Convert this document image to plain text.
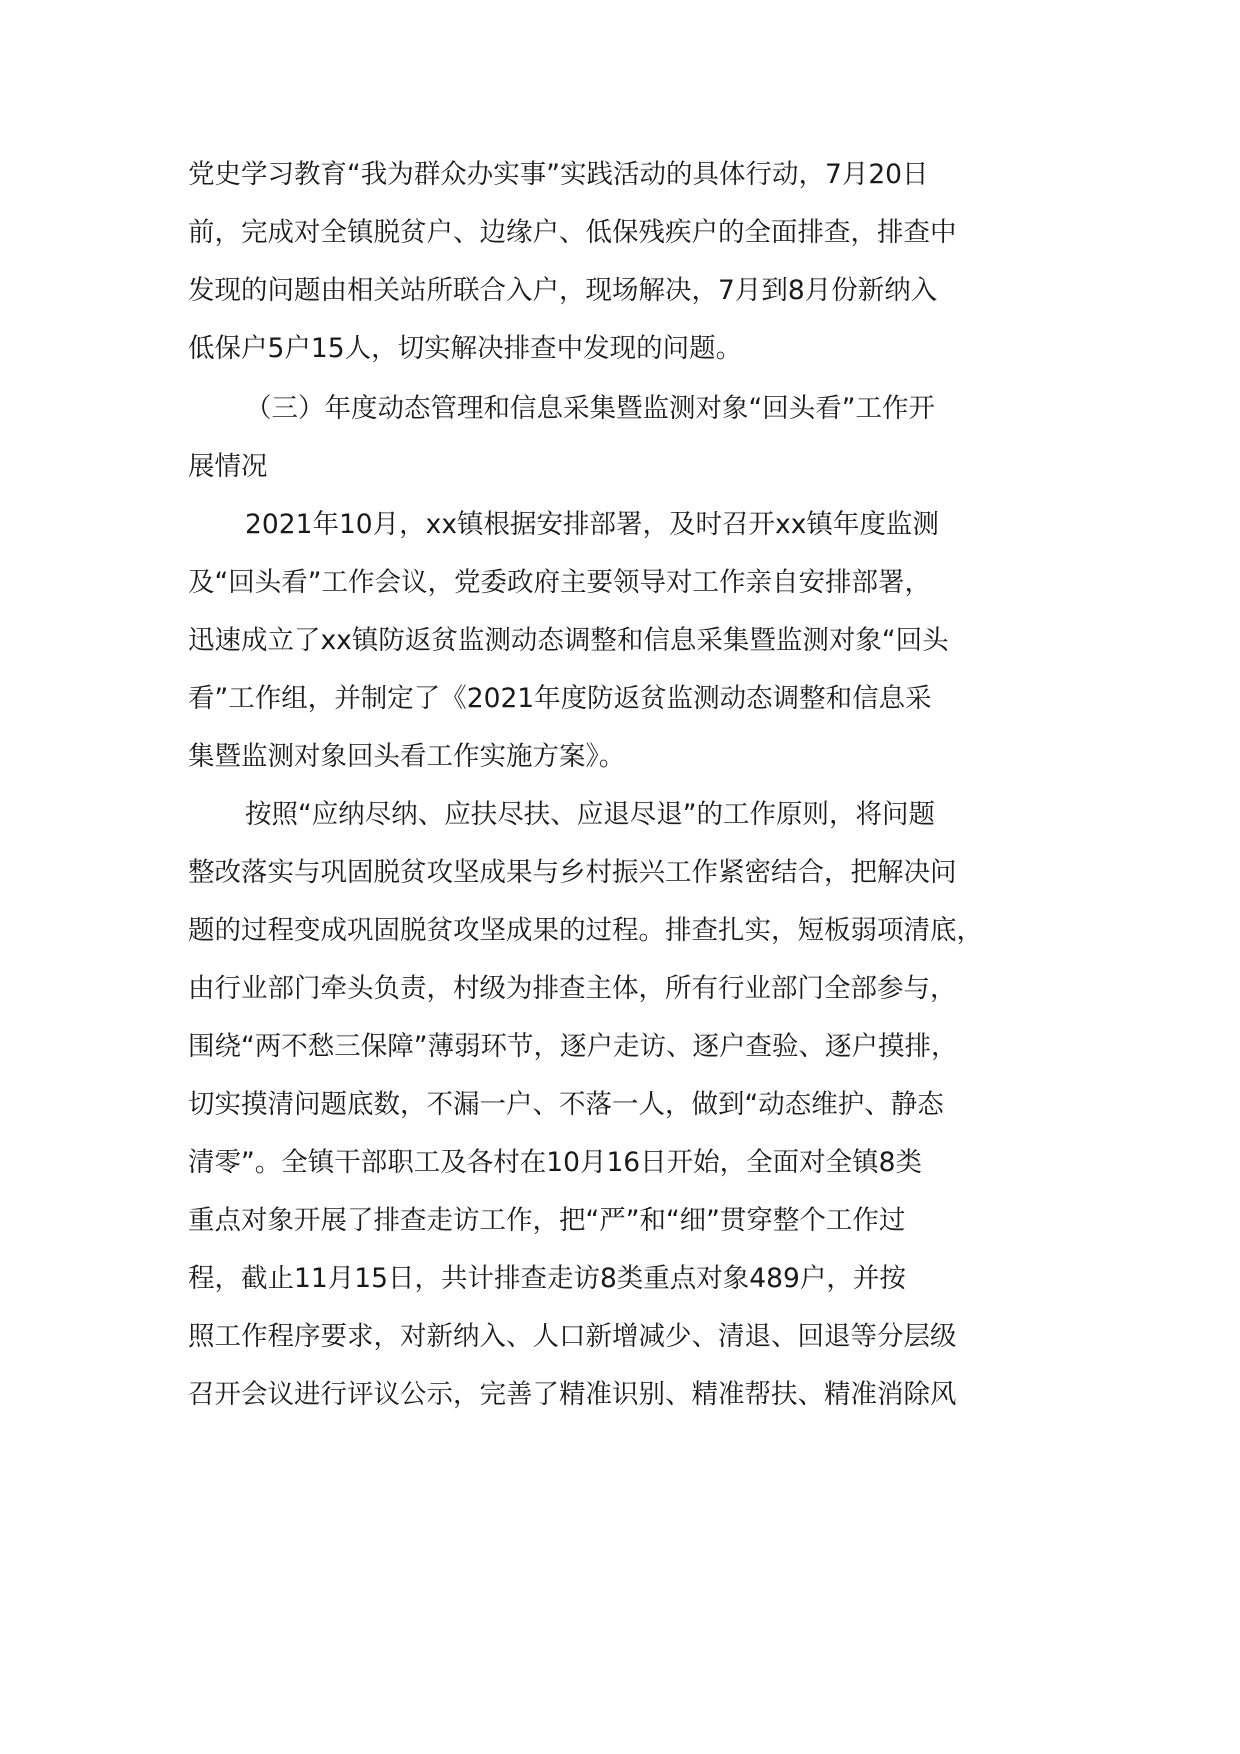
党史学习教育“我为群众办实事”实践活动的具体行动，7月20日
前，完成对全镇脱贫户、边缘户、低保残疾户的全面排查，排查中
发现的问题由相关站所联合入户，现场解决，7月到8月份新纳入
低保户5户15人，切实解决排查中发现的问题。
（三）年度动态管理和信息采集暨监测对象“回头看”工作开
展情况
2021年10月，xx镇根据安排部署，及时召开xx镇年度监测
及“回头看”工作会议，党委政府主要领导对工作亲自安排部署，
迅速成立了xx镇防返贫监测动态调整和信息采集暨监测对象“回头
看”工作组，并制定了《2021年度防返贫监测动态调整和信息采
集暨监测对象回头看工作实施方案》。
按照“应纳尽纳、应扶尽扶、应退尽退”的工作原则，将问题
整改落实与巩固脱贫攻坚成果与乡村振兴工作紧密结合，把解决问
题的过程变成巩固脱贫攻坚成果的过程。排查扎实，短板弱项清底，
由行业部门牵头负责，村级为排查主体，所有行业部门全部参与，
围绕“两不愁三保障”薄弱环节，逐户走访、逐户查验、逐户摸排，
切实摸清问题底数，不漏一户、不落一人，做到“动态维护、静态
清零”。全镇干部职工及各村在10月16日开始，全面对全镇8类
重点对象开展了排查走访工作，把“严”和“细”贯穿整个工作过
程，截止11月15日，共计排查走访8类重点对象489户，并按
照工作程序要求，对新纳入、人口新增减少、清退、回退等分层级
召开会议进行评议公示，完善了精准识别、精准帮扶、精准消除风
